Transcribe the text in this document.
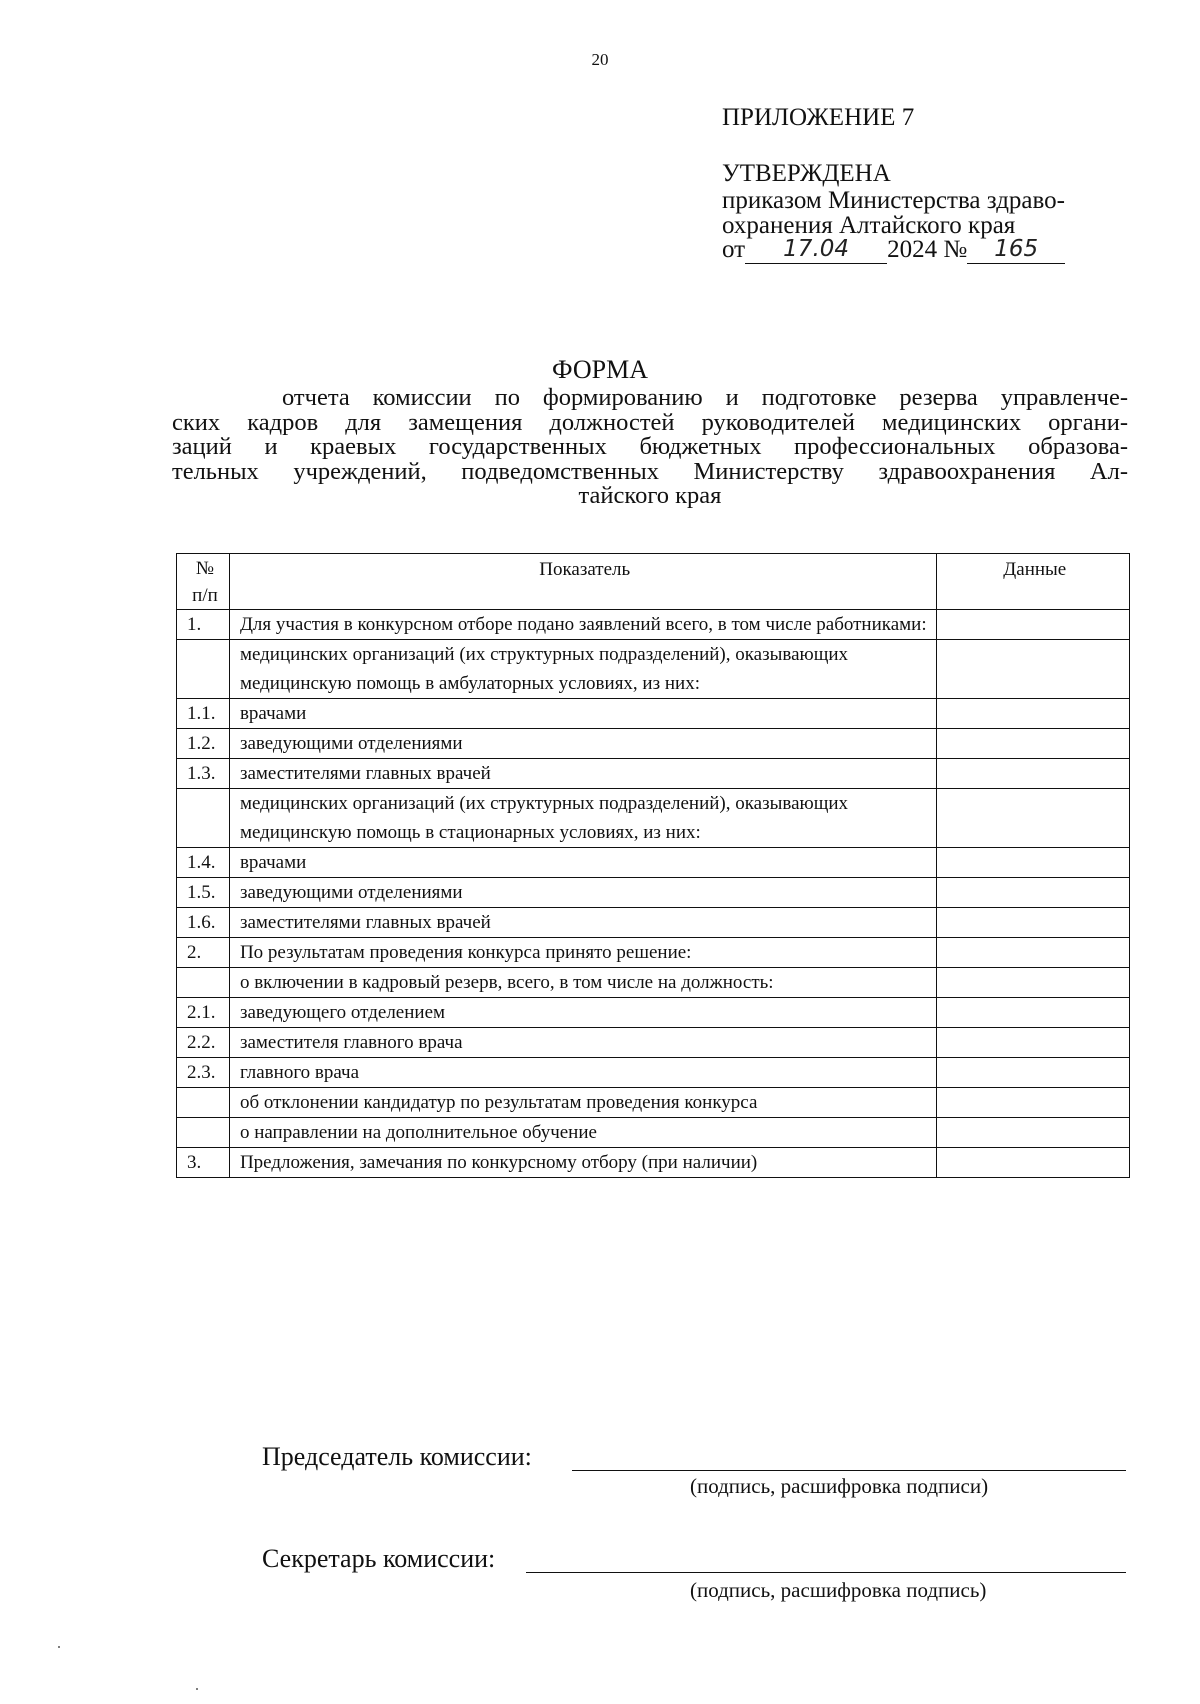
20
ПРИЛОЖЕНИЕ 7
УТВЕРЖДЕНА
приказом Министерства здраво-
охранения Алтайского края
от 17.04 2024 № 165
ФОРМА
отчета комиссии по формированию и подготовке резерва управленче-
ских кадров для замещения должностей руководителей медицинских органи-
заций и краевых государственных бюджетных профессиональных образова-
тельных учреждений, подведомственных Министерству здравоохранения Ал-
тайского края
№ п/п	Показатель	Данные
1.	Для участия в конкурсном отборе подано заявлений всего, в том числе работниками:	
	медицинских организаций (их структурных подразделений), оказывающих медицинскую помощь в амбулаторных условиях, из них:	
1.1.	врачами	
1.2.	заведующими отделениями	
1.3.	заместителями главных врачей	
	медицинских организаций (их структурных подразделений), оказывающих медицинскую помощь в стационарных условиях, из них:	
1.4.	врачами	
1.5.	заведующими отделениями	
1.6.	заместителями главных врачей	
2.	По результатам проведения конкурса принято решение:	
	о включении в кадровый резерв, всего, в том числе на должность:	
2.1.	заведующего отделением	
2.2.	заместителя главного врача	
2.3.	главного врача	
	об отклонении кандидатур по результатам проведения конкурса	
	о направлении на дополнительное обучение	
3.	Предложения, замечания по конкурсному отбору (при наличии)	
Председатель комиссии:
(подпись, расшифровка подписи)
Секретарь комиссии:
(подпись, расшифровка подпись)
